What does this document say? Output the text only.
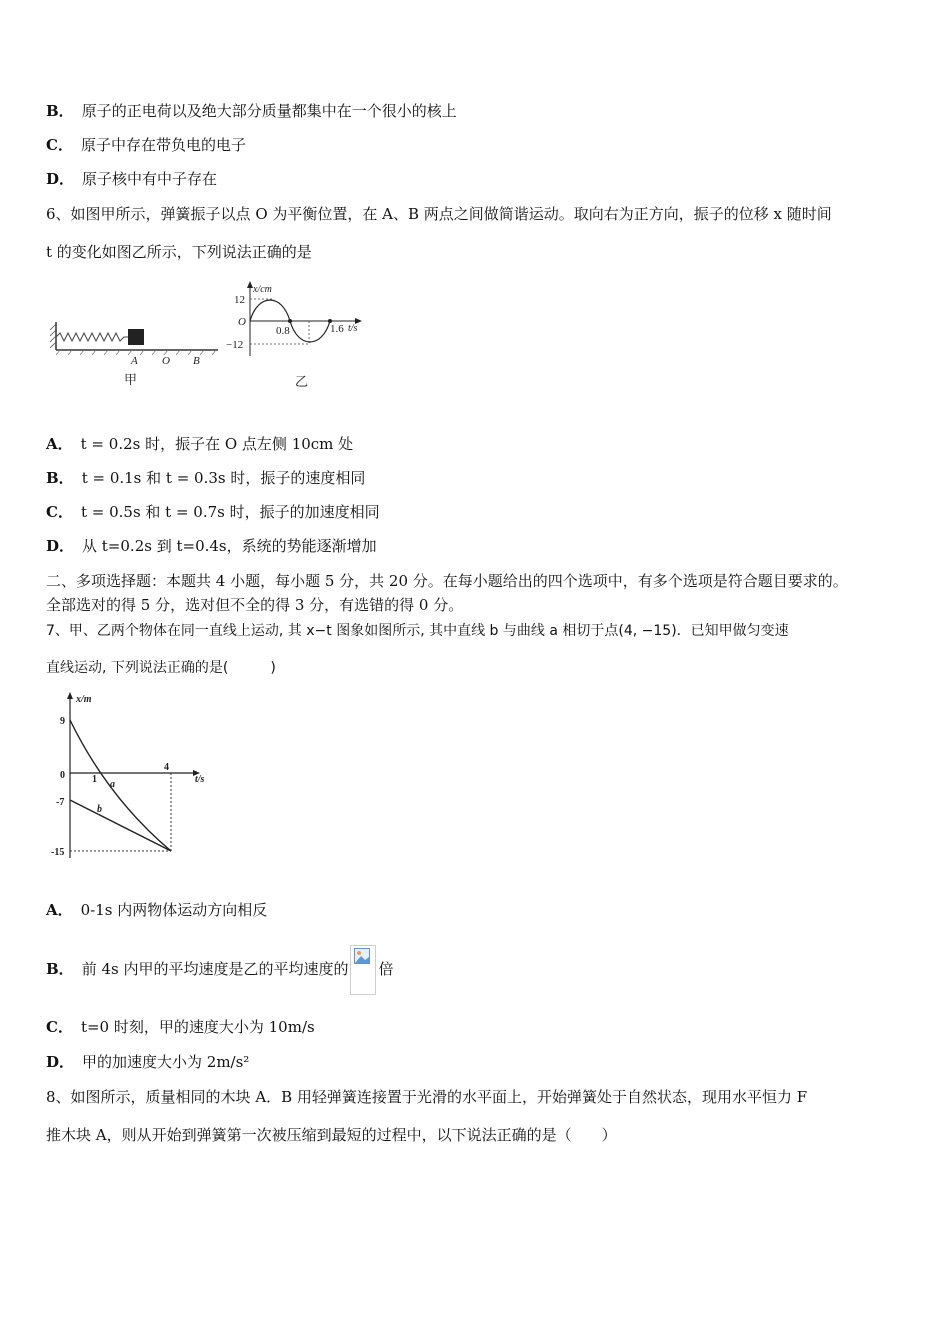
B． 原子的正电荷以及绝大部分质量都集中在一个很小的核上
C． 原子中存在带负电的电子
D． 原子核中有中子存在
6、如图甲所示，弹簧振子以点 O 为平衡位置，在 A、B 两点之间做简谐运动。取向右为正方向，振子的位移 x 随时间
t 的变化如图乙所示，下列说法正确的是
A O B
甲
x/cm
12
O
−12
0.8	1.6 t/s
乙
A． t = 0.2s 时，振子在 O 点左侧 10cm 处
B． t = 0.1s 和 t = 0.3s 时，振子的速度相同
C． t = 0.5s 和 t = 0.7s 时，振子的加速度相同
D． 从 t=0.2s 到 t=0.4s，系统的势能逐渐增加
二、多项选择题：本题共 4 小题，每小题 5 分，共 20 分。在每小题给出的四个选项中，有多个选项是符合题目要求的。
全部选对的得 5 分，选对但不全的得 3 分，有选错的得 0 分。
7、甲、乙两个物体在同一直线上运动, 其 x−t 图象如图所示, 其中直线 b 与曲线 a 相切于点(4, −15)．已知甲做匀变速
直线运动, 下列说法正确的是(　　　)
x/m
9
0
-7
-15
1
4
t/s
a
b
A． 0-1s 内两物体运动方向相反
B． 前 4s 内甲的平均速度是乙的平均速度的 倍
C． t=0 时刻，甲的速度大小为 10m/s
D． 甲的加速度大小为 2m/s²
8、如图所示，质量相同的木块 A．B 用轻弹簧连接置于光滑的水平面上，开始弹簧处于自然状态，现用水平恒力 F
推木块 A，则从开始到弹簧第一次被压缩到最短的过程中，以下说法正确的是（　　）
